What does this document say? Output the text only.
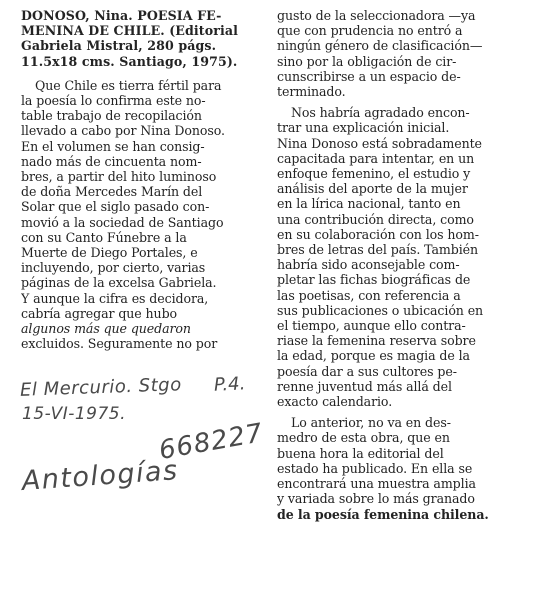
DONOSO, Nina. POESIA FE-
MENINA DE CHILE. (Editorial
Gabriela Mistral, 280 págs.
11.5x18 cms. Santiago, 1975).
Que Chile es tierra fértil para
la poesía lo confirma este no-
table trabajo de recopilación
llevado a cabo por Nina Donoso.
En el volumen se han consig-
nado más de cincuenta nom-
bres, a partir del hito luminoso
de doña Mercedes Marín del
Solar que el siglo pasado con-
movió a la sociedad de Santiago
con su Canto Fúnebre a la
Muerte de Diego Portales, e
incluyendo, por cierto, varias
páginas de la excelsa Gabriela.
Y aunque la cifra es decidora,
cabría agregar que hubo
algunos más que quedaron
excluidos. Seguramente no por
gusto de la seleccionadora —ya
que con prudencia no entró a
ningún género de clasificación—
sino por la obligación de cir-
cunscribirse a un espacio de-
terminado.
Nos habría agradado encon-
trar una explicación inicial.
Nina Donoso está sobradamente
capacitada para intentar, en un
enfoque femenino, el estudio y
análisis del aporte de la mujer
en la lírica nacional, tanto en
una contribución directa, como
en su colaboración con los hom-
bres de letras del país. También
habría sido aconsejable com-
pletar las fichas biográficas de
las poetisas, con referencia a
sus publicaciones o ubicación en
el tiempo, aunque ello contra-
riase la femenina reserva sobre
la edad, porque es magia de la
poesía dar a sus cultores pe-
renne juventud más allá del
exacto calendario.
Lo anterior, no va en des-
medro de esta obra, que en
buena hora la editorial del
estado ha publicado. En ella se
encontrará una muestra amplia
y variada sobre lo más granado
de la poesía femenina chilena.
El Mercurio. Stgo P.4.
15-VI-1975.
Antologías
668227
